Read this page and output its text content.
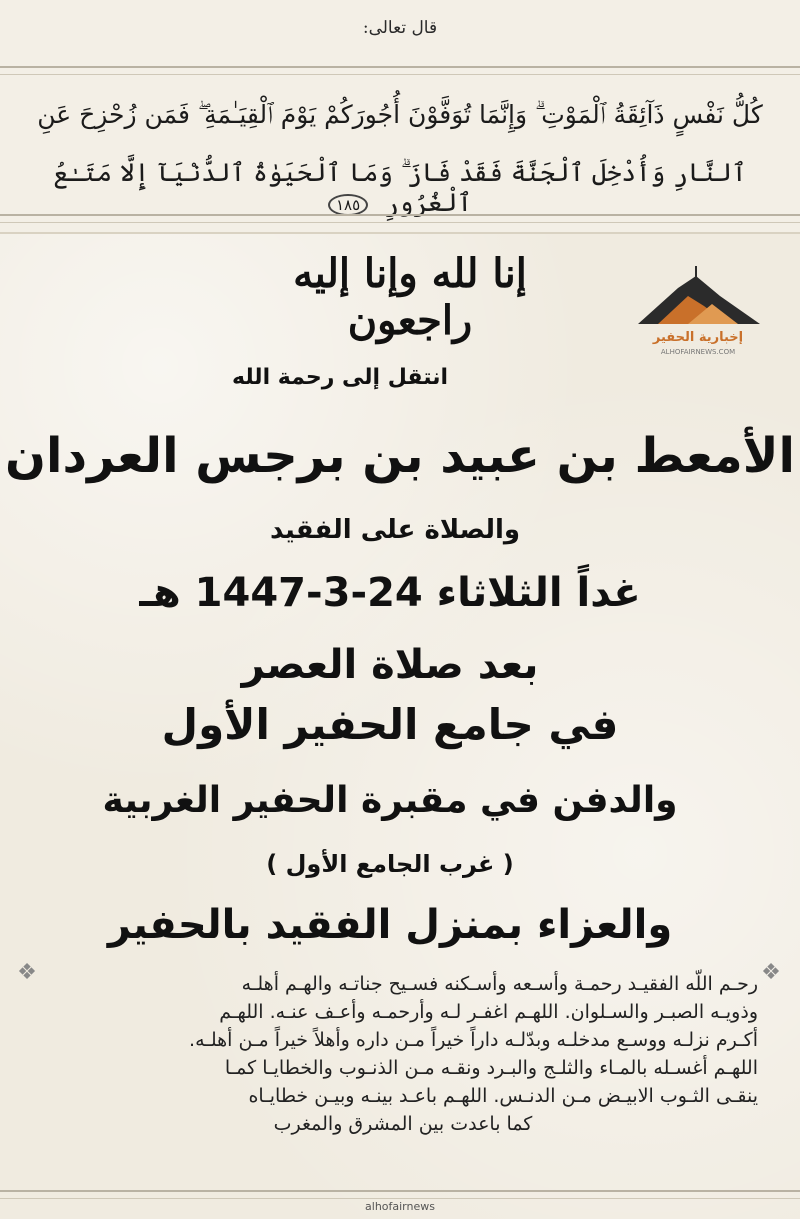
قال تعالى:
كُلُّ نَفْسٍ ذَآئِقَةُ ٱلْمَوْتِ ۗ وَإِنَّمَا تُوَفَّوْنَ أُجُورَكُمْ يَوْمَ ٱلْقِيَـٰمَةِ ۖ فَمَن زُحْزِحَ عَنِ
ٱلنَّارِ وَأُدْخِلَ ٱلْجَنَّةَ فَقَدْ فَازَ ۗ وَمَا ٱلْحَيَوٰةُ ٱلدُّنْيَآ إِلَّا مَتَـٰعُ ٱلْغُرُورِ ١٨٥
إخبارية الحفير
ALHOFAIRNEWS.COM
إنا لله وإنا إليه راجعون
انتقل إلى رحمة الله
الأمعط بن عبيد بن برجس العردان
والصلاة على الفقيد
غداً الثلاثاء 24-3-1447 هـ
بعد صلاة العصر
في جامع الحفير الأول
والدفن في مقبرة الحفير الغربية
( غرب الجامع الأول )
والعزاء بمنزل الفقيد بالحفير
❖	❖
رحـم اللّه الفقيـد رحمـة وأسـعه وأسـكنه فسـيح جناتـه والهـم أهلـه
وذويـه الصبـر والسـلوان. اللهـم اغفـر لـه وأرحمـه وأعـف عنـه. اللهـم
أكـرم نزلـه ووسـع مدخلـه وبدّلـه داراً خيراً مـن داره وأهلاً خيراً مـن أهلـه.
اللهـم أغسـله بالمـاء والثلـج والبـرد ونقـه مـن الذنـوب والخطايـا كمـا
ينقـى الثـوب الابيـض مـن الدنـس. اللهـم باعـد بينـه وبيـن خطايـاه
كما باعدت بين المشرق والمغرب
alhofairnews
